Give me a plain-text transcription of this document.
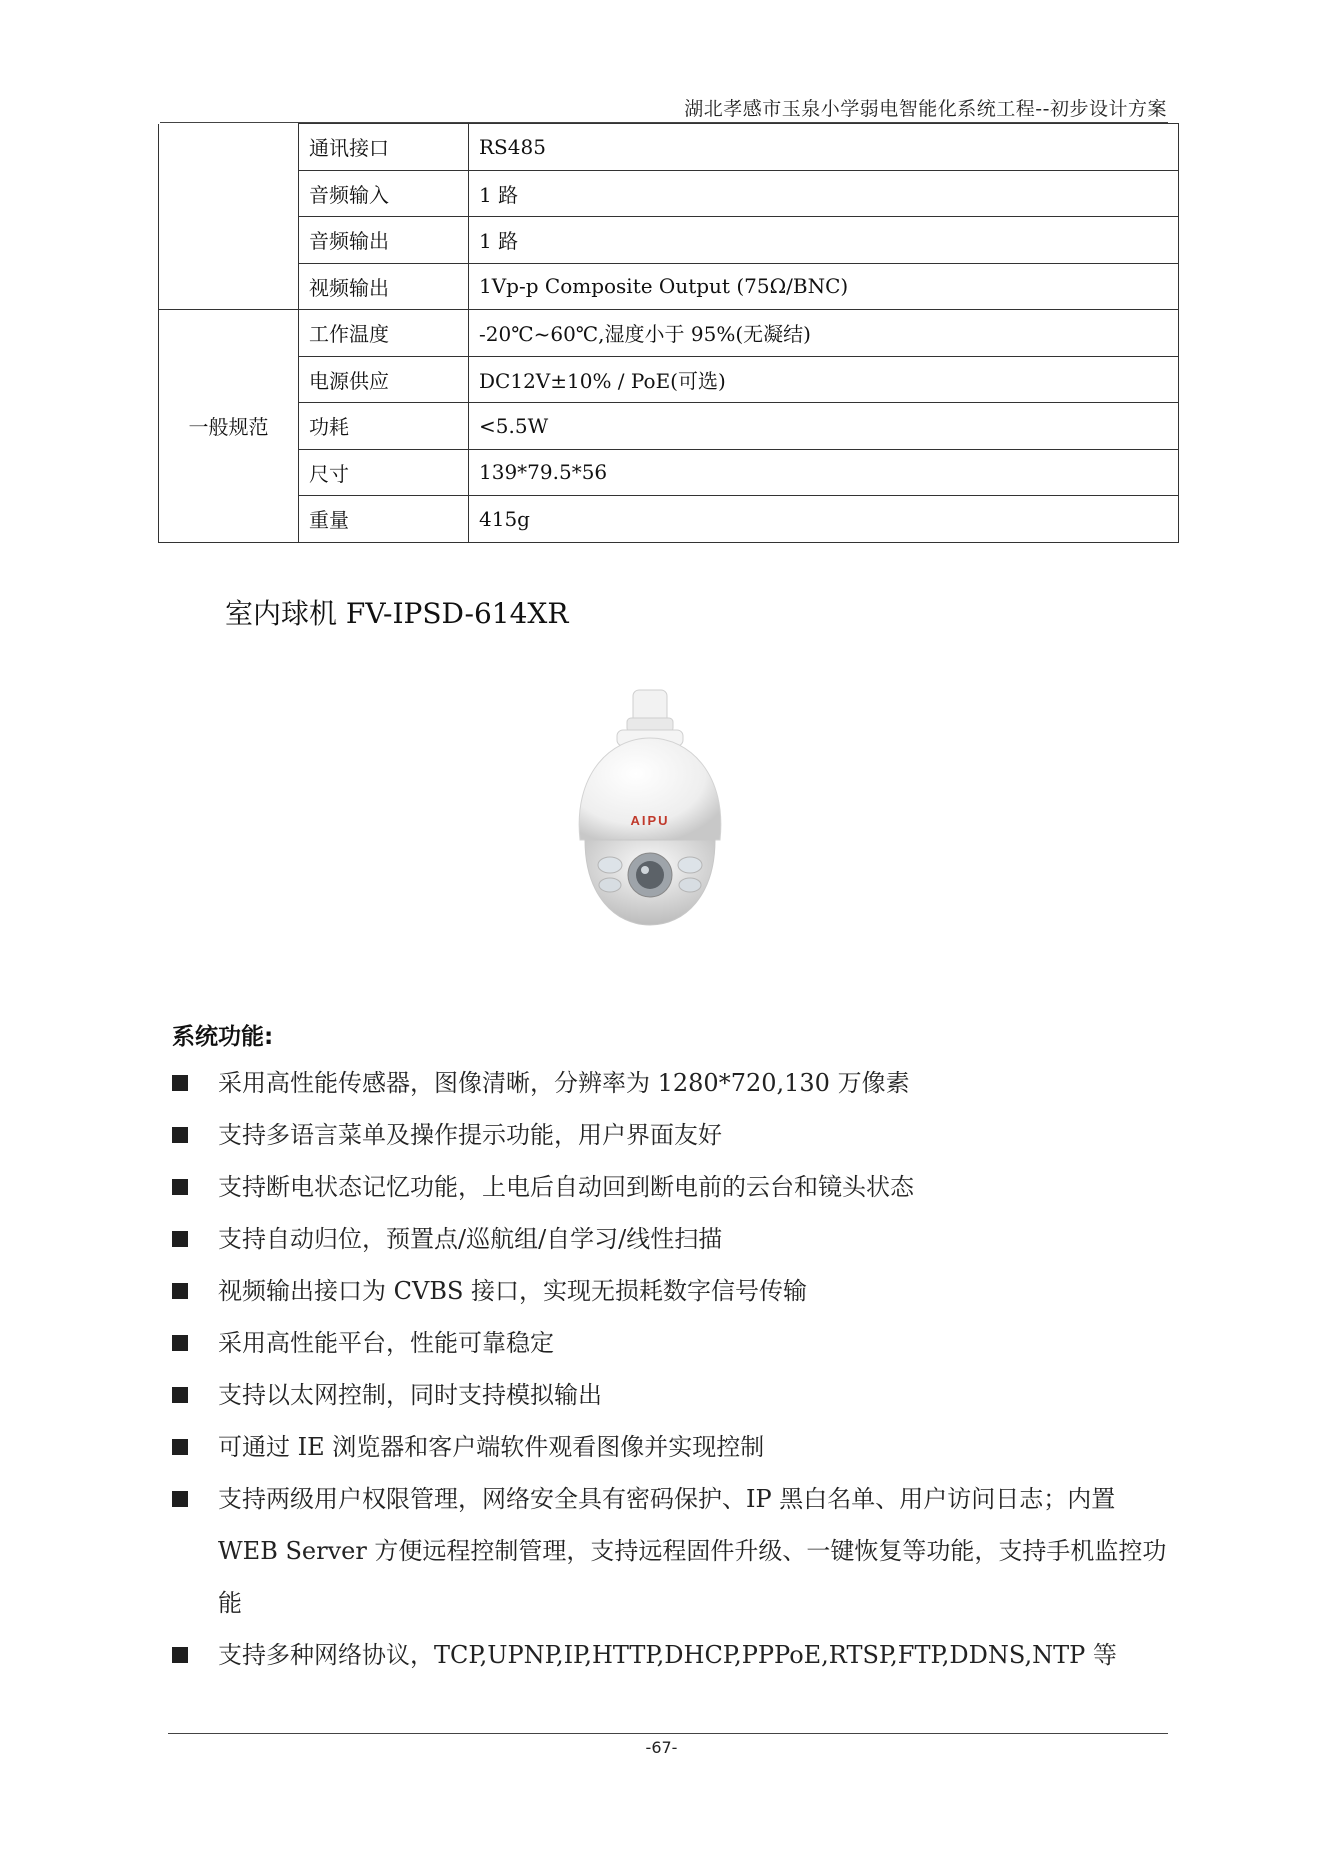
湖北孝感市玉泉小学弱电智能化系统工程--初步设计方案
	通讯接口	RS485
	音频输入	1 路
	音频输出	1 路
	视频输出	1Vp-p Composite Output (75Ω/BNC)
一般规范	工作温度	-20℃~60℃,湿度小于 95%(无凝结)
	电源供应	DC12V±10% / PoE(可选)
	功耗	<5.5W
	尺寸	139*79.5*56
	重量	415g
室内球机 FV-IPSD-614XR
AIPU
系统功能:
采用高性能传感器，图像清晰，分辨率为 1280*720,130 万像素
支持多语言菜单及操作提示功能，用户界面友好
支持断电状态记忆功能，上电后自动回到断电前的云台和镜头状态
支持自动归位，预置点/巡航组/自学习/线性扫描
视频输出接口为 CVBS 接口，实现无损耗数字信号传输
采用高性能平台，性能可靠稳定
支持以太网控制，同时支持模拟输出
可通过 IE 浏览器和客户端软件观看图像并实现控制
支持两级用户权限管理，网络安全具有密码保护、IP 黑白名单、用户访问日志；内置 WEB Server 方便远程控制管理，支持远程固件升级、一键恢复等功能，支持手机监控功能
支持多种网络协议，TCP,UPNP,IP,HTTP,DHCP,PPPoE,RTSP,FTP,DDNS,NTP 等
-67-
